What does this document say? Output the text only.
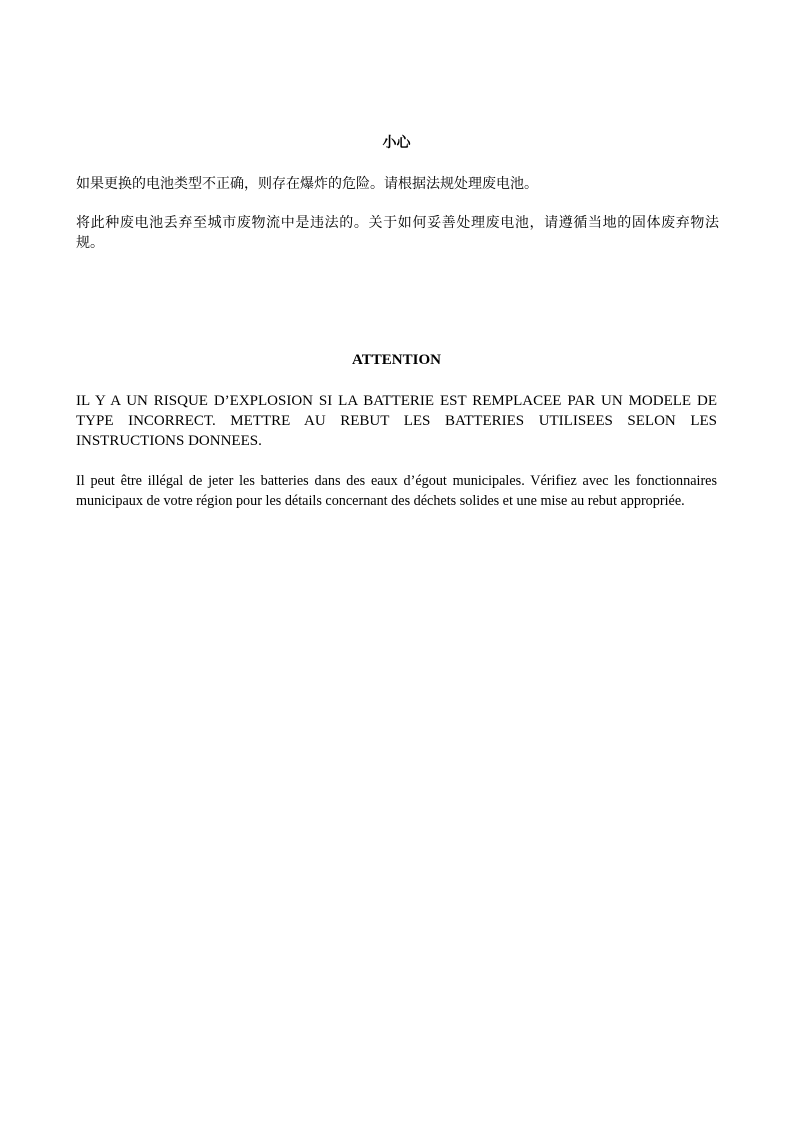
小心
如果更换的电池类型不正确，则存在爆炸的危险。请根据法规处理废电池。
将此种废电池丢弃至城市废物流中是违法的。关于如何妥善处理废电池，请遵循当地的固体废弃物法规。
ATTENTION
IL Y A UN RISQUE D’EXPLOSION SI LA BATTERIE EST REMPLACEE PAR UN MODELE DE TYPE INCORRECT. METTRE AU REBUT LES BATTERIES UTILISEES SELON LES INSTRUCTIONS DONNEES.
Il peut être illégal de jeter les batteries dans des eaux d’égout municipales. Vérifiez avec les fonctionnaires municipaux de votre région pour les détails concernant des déchets solides et une mise au rebut appropriée.
